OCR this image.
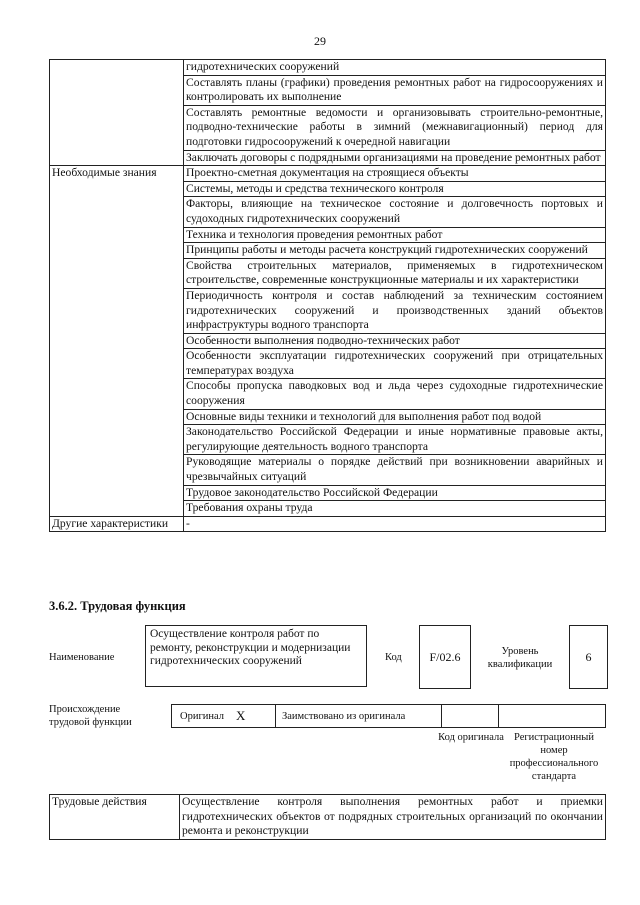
29
	гидротехнических сооружений
	Составлять планы (графики) проведения ремонтных работ на гидросооружениях и контролировать их выполнение
	Составлять ремонтные ведомости и организовывать строительно-ремонтные, подводно-технические работы в зимний (межнавигационный) период для подготовки гидросооружений к очередной навигации
	Заключать договоры с подрядными организациями на проведение ремонтных работ
Необходимые знания	Проектно-сметная документация на строящиеся объекты
	Системы, методы и средства технического контроля
	Факторы, влияющие на техническое состояние и долговечность портовых и судоходных гидротехнических сооружений
	Техника и технология проведения ремонтных работ
	Принципы работы и методы расчета конструкций гидротехнических сооружений
	Свойства строительных материалов, применяемых в гидротехническом строительстве, современные конструкционные материалы и их характеристики
	Периодичность контроля и состав наблюдений за техническим состоянием гидротехнических сооружений и производственных зданий объектов инфраструктуры водного транспорта
	Особенности выполнения подводно-технических работ
	Особенности эксплуатации гидротехнических сооружений при отрицательных температурах воздуха
	Способы пропуска паводковых вод и льда через судоходные гидротехнические сооружения
	Основные виды техники и технологий для выполнения работ под водой
	Законодательство Российской Федерации и иные нормативные правовые акты, регулирующие деятельность водного транспорта
	Руководящие материалы о порядке действий при возникновении аварийных и чрезвычайных ситуаций
	Трудовое законодательство Российской Федерации
	Требования охраны труда
Другие характеристики	-
3.6.2. Трудовая функция
Наименование
Осуществление контроля работ по ремонту, реконструкции и модернизации гидротехнических сооружений	Код	F/02.6	Уровень квалификации
6
Происхождение трудовой функции
Оригинал X	Заимствовано из оригинала
Код оригинала Регистрационный номер профессионального стандарта
Трудовые действия	Осуществление контроля выполнения ремонтных работ и приемки гидротехнических объектов от подрядных строительных организаций по окончании ремонта и реконструкции
